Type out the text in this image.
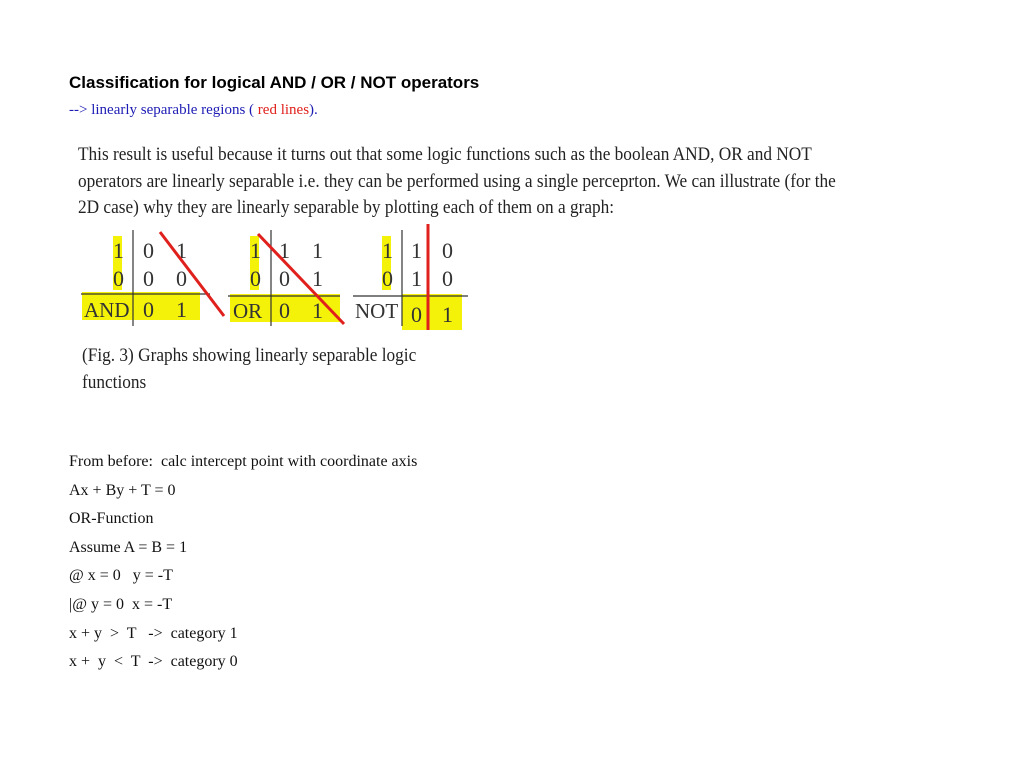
Classification for logical AND / OR / NOT operators
--> linearly separable regions ( red lines).
This result is useful because it turns out that some logic functions such as the boolean AND, OR and NOT
operators are linearly separable i.e. they can be performed using a single perceprton. We can illustrate (for the
2D case) why they are linearly separable by plotting each of them on a graph:
1 0 1
0 0 0
AND 0 1
1 1 1
0 0 1
OR 0 1
1 1 0
0 1 0
NOT 0 1
(Fig. 3) Graphs showing linearly separable logic
functions
From before:  calc intercept point with coordinate axis
Ax + By + T = 0
OR-Function
Assume A = B = 1
@ x = 0   y = -T
|@ y = 0  x = -T
x + y  >  T   ->  category 1
x +  y  <  T  ->  category 0
